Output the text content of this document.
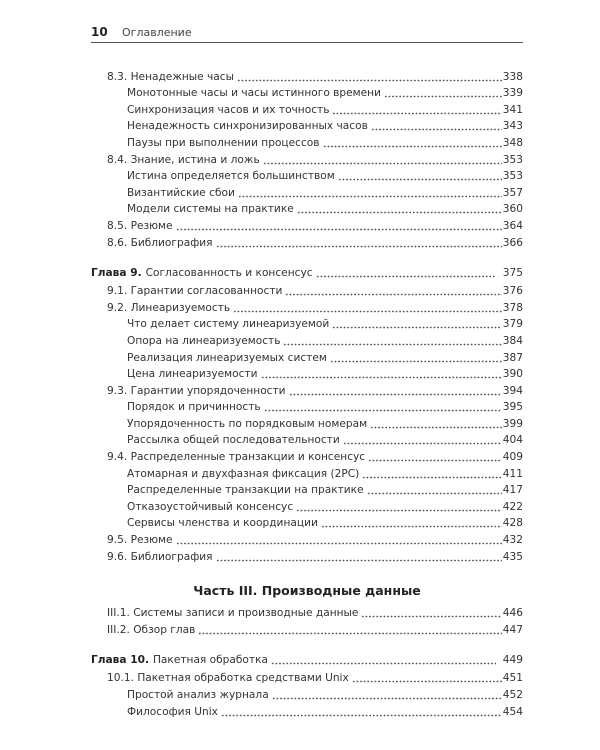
10 Оглавление
8.3. Ненадежные часы	338
Монотонные часы и часы истинного времени	339
Синхронизация часов и их точность	341
Ненадежность синхронизированных часов	343
Паузы при выполнении процессов	348
8.4. Знание, истина и ложь	353
Истина определяется большинством	353
Византийские сбои	357
Модели системы на практике	360
8.5. Резюме	364
8.6. Библиография	366
Глава 9. Согласованность и консенсус	375
9.1. Гарантии согласованности	376
9.2. Линеаризуемость	378
Что делает систему линеаризуемой	379
Опора на линеаризуемость	384
Реализация линеаризуемых систем	387
Цена линеаризуемости	390
9.3. Гарантии упорядоченности	394
Порядок и причинность	395
Упорядоченность по порядковым номерам	399
Рассылка общей последовательности	404
9.4. Распределенные транзакции и консенсус	409
Атомарная и двухфазная фиксация (2PC)	411
Распределенные транзакции на практике	417
Отказоустойчивый консенсус	422
Сервисы членства и координации	428
9.5. Резюме	432
9.6. Библиография	435
Часть III. Производные данные
III.1. Системы записи и производные данные	446
III.2. Обзор глав	447
Глава 10. Пакетная обработка	449
10.1. Пакетная обработка средствами Unix	451
Простой анализ журнала	452
Философия Unix	454
